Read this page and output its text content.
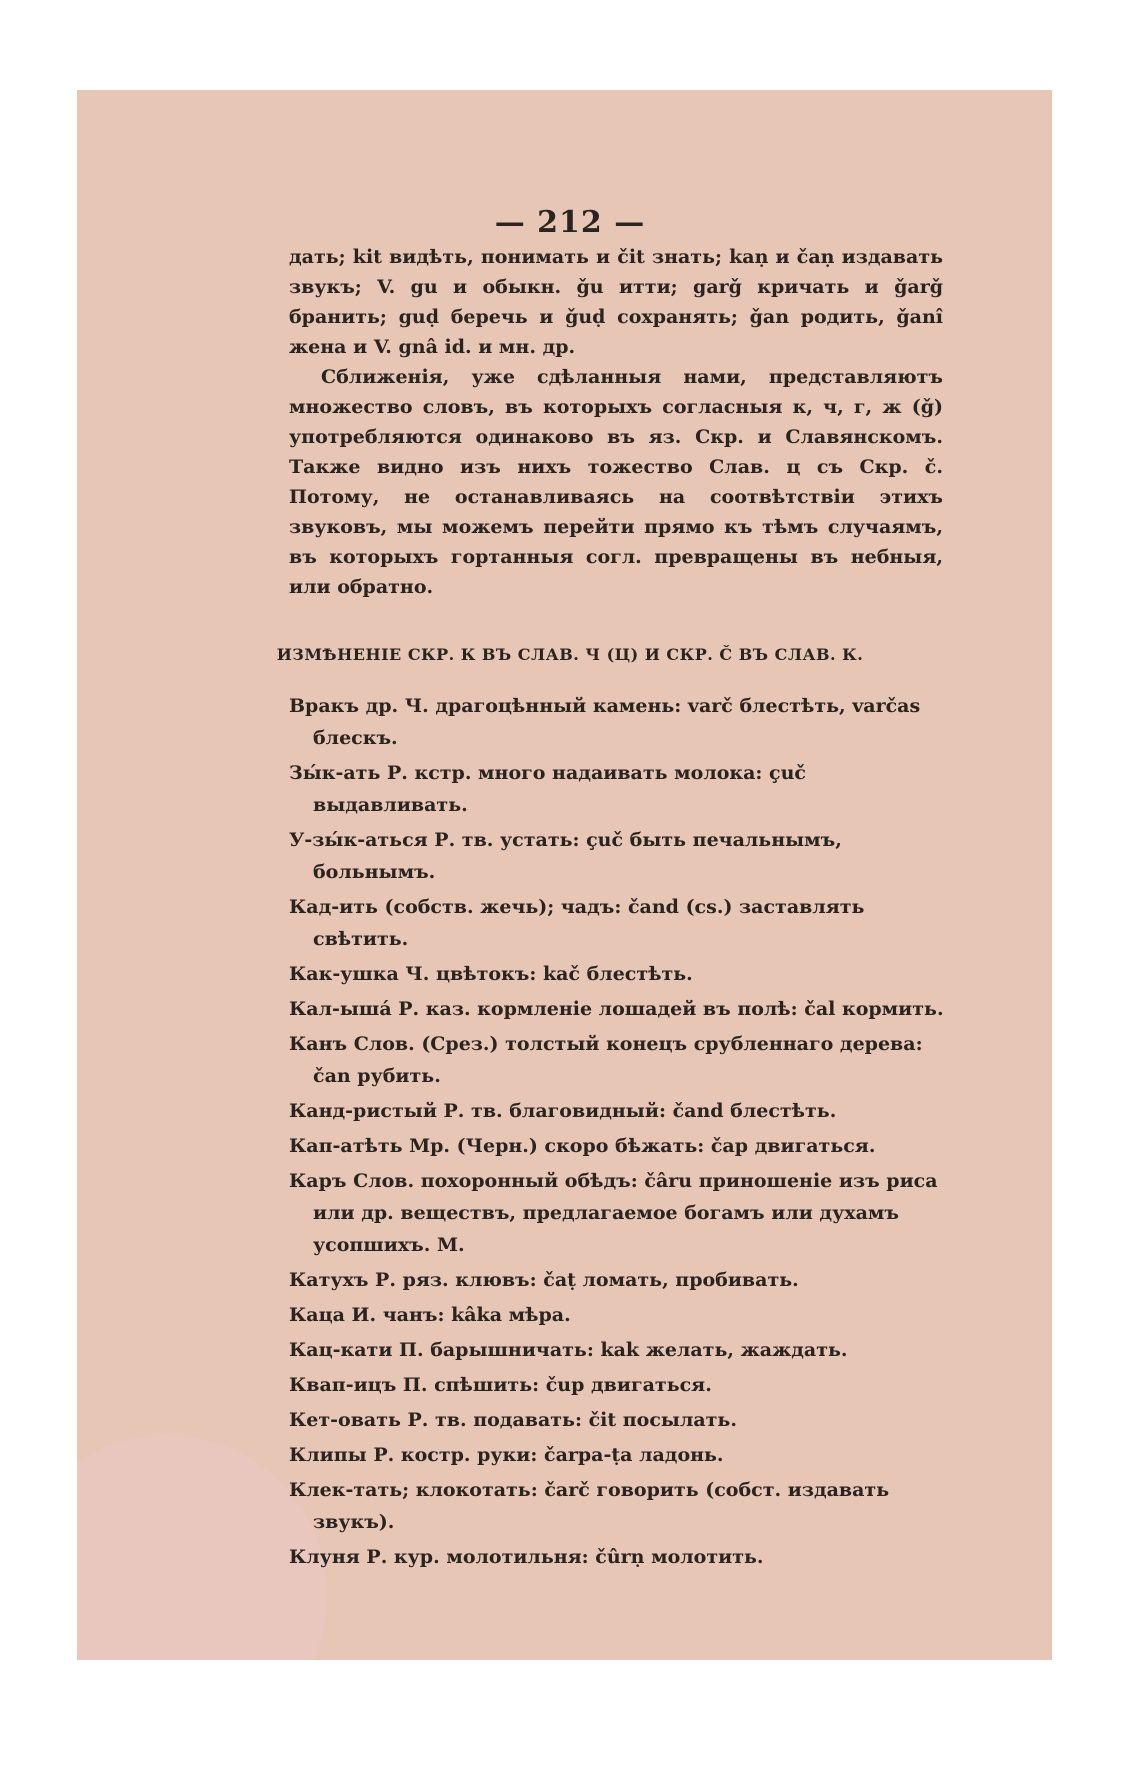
— 212 —

дать; kit видѣть, понимать и čit знать; kaṇ и čaṇ издавать звукъ; V. gu и обыкн. ǧu итти; garǧ кричать и ǧarǧ бранить; guḍ беречь и ǧuḍ сохранять; ǧan родить, ǧanî жена и V. gnâ id. и мн. др.

Сближенія, уже сдѣланныя нами, представляютъ множество словъ, въ которыхъ согласныя к, ч, г, ж (ǧ) употребляются одинаково въ яз. Скр. и Славянскомъ. Также видно изъ нихъ тожество Слав. ц съ Скр. č. Потому, не останавливаясь на соотвѣтствіи этихъ звуковъ, мы можемъ перейти прямо къ тѣмъ случаямъ, въ которыхъ гортанныя согл. превращены въ небныя, или обратно.

ИЗМѢНЕНІЕ СКР. К ВЪ СЛАВ. Ч (Ц) И СКР. Č ВЪ СЛАВ. К.
Вракъ др. Ч. драгоцѣнный камень: varč блестѣть, varčas блескъ.
Зы́к-ать Р. кстр. много надаивать молока: çuč выдавливать.
У-зы́к-аться Р. тв. устать: çuč быть печальнымъ, больнымъ.
Кад-ить (собств. жечь); чадъ: čand (cs.) заставлять свѣтить.
Как-ушка Ч. цвѣтокъ: kač блестѣть.
Кал-ыша́ Р. каз. кормленіе лошадей въ полѣ: čal кормить.
Канъ Слов. (Срез.) толстый конецъ срубленнаго дерева: čan рубить.
Канд-ристый Р. тв. благовидный: čand блестѣть.
Кап-атѣть Мр. (Черн.) скоро бѣжать: čap двигаться.
Каръ Слов. похоронный обѣдъ: čâru приношеніе изъ риса или др. веществъ, предлагаемое богамъ или духамъ усопшихъ. М.
Катухъ Р. ряз. клювъ: čaṭ ломать, пробивать.
Каца И. чанъ: kâka мѣра.
Кац-кати П. барышничать: kak желать, жаждать.
Квап-ицъ П. спѣшить: čup двигаться.
Кет-овать Р. тв. подавать: čit посылать.
Клипы Р. костр. руки: čarpa-ṭa ладонь.
Клек-тать; клокотать: čarč говорить (собст. издавать звукъ).
Клуня Р. кур. молотильня: čûrṇ молотить.
